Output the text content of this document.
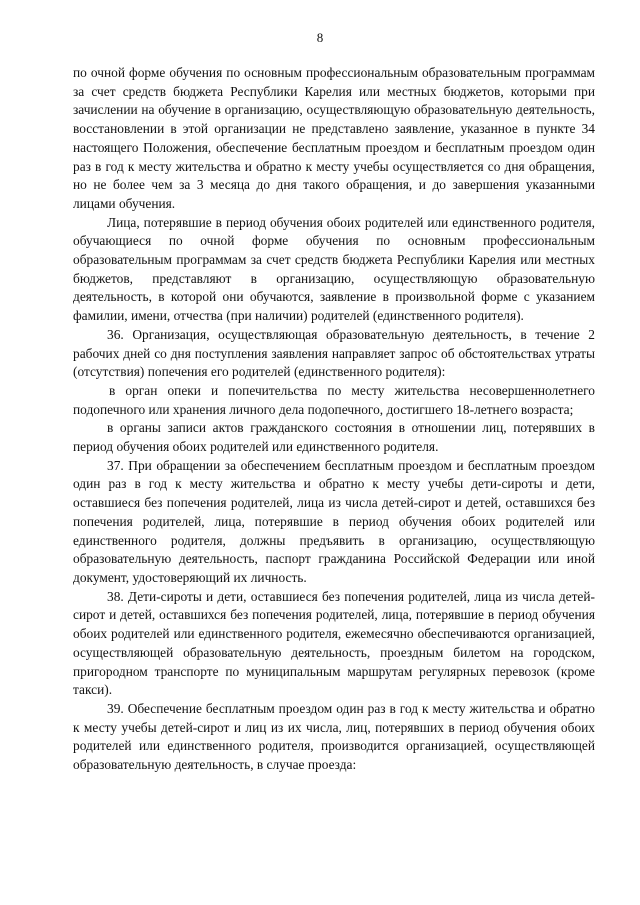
8

по очной форме обучения по основным профессиональным образовательным программам за счет средств бюджета Республики Карелия или местных бюджетов, которыми при зачислении на обучение в организацию, осуществляющую образовательную деятельность, восстановлении в этой организации не представлено заявление, указанное в пункте 34 настоящего Положения, обеспечение бесплатным проездом и бесплатным проездом один раз в год к месту жительства и обратно к месту учебы осуществляется со дня обращения, но не более чем за 3 месяца до дня такого обращения, и до завершения указанными лицами обучения.

Лица, потерявшие в период обучения обоих родителей или единственного родителя, обучающиеся по очной форме обучения по основным профессиональным образовательным программам за счет средств бюджета Республики Карелия или местных бюджетов, представляют в организацию, осуществляющую образовательную деятельность, в которой они обучаются, заявление в произвольной форме с указанием фамилии, имени, отчества (при наличии) родителей (единственного родителя).

36. Организация, осуществляющая образовательную деятельность, в течение 2 рабочих дней со дня поступления заявления направляет запрос об обстоятельствах утраты (отсутствия) попечения его родителей (единственного родителя):

в орган опеки и попечительства по месту жительства несовершеннолетнего подопечного или хранения личного дела подопечного, достигшего 18-летнего возраста;

в органы записи актов гражданского состояния в отношении лиц, потерявших в период обучения обоих родителей или единственного родителя.

37. При обращении за обеспечением бесплатным проездом и бесплатным проездом один раз в год к месту жительства и обратно к месту учебы дети-сироты и дети, оставшиеся без попечения родителей, лица из числа детей-сирот и детей, оставшихся без попечения родителей, лица, потерявшие в период обучения обоих родителей или единственного родителя, должны предъявить в организацию, осуществляющую образовательную деятельность, паспорт гражданина Российской Федерации или иной документ, удостоверяющий их личность.

38. Дети-сироты и дети, оставшиеся без попечения родителей, лица из числа детей-сирот и детей, оставшихся без попечения родителей, лица, потерявшие в период обучения обоих родителей или единственного родителя, ежемесячно обеспечиваются организацией, осуществляющей образовательную деятельность, проездным билетом на городском, пригородном транспорте по муниципальным маршрутам регулярных перевозок (кроме такси).

39. Обеспечение бесплатным проездом один раз в год к месту жительства и обратно к месту учебы детей-сирот и лиц из их числа, лиц, потерявших в период обучения обоих родителей или единственного родителя, производится организацией, осуществляющей образовательную деятельность, в случае проезда:
